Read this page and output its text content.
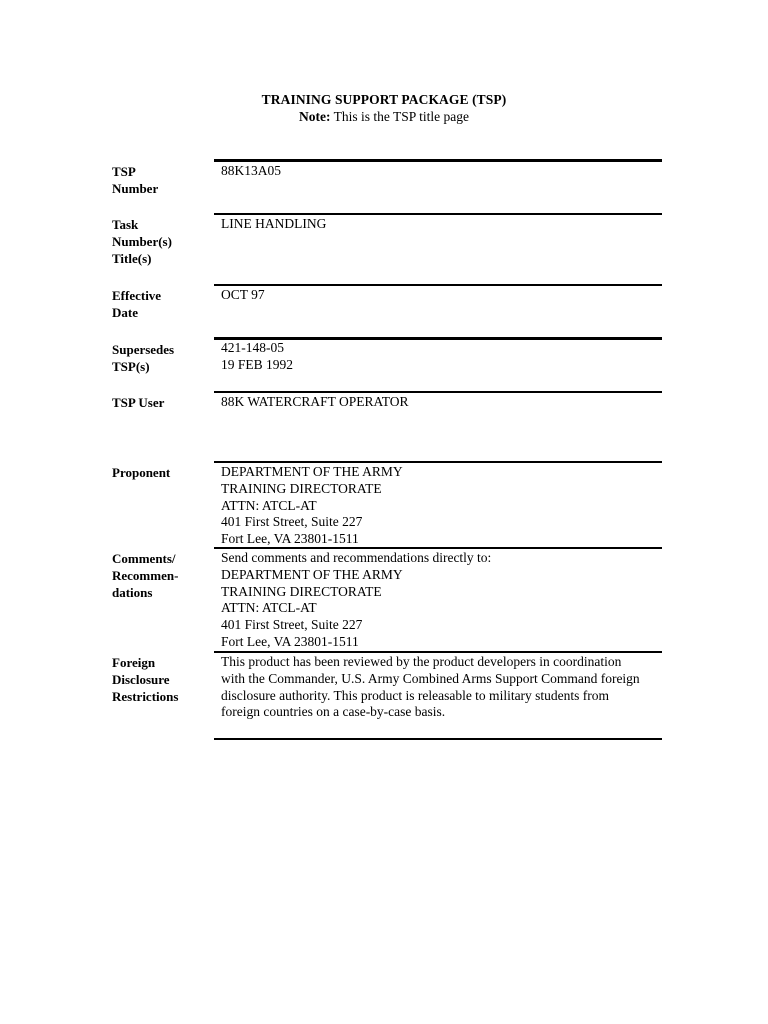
TRAINING SUPPORT PACKAGE (TSP)
Note: This is the TSP title page
TSP
Number
88K13A05
Task
Number(s)
Title(s)
LINE HANDLING
Effective
Date
OCT 97
Supersedes
TSP(s)
421-148-05
19 FEB 1992
TSP User	88K WATERCRAFT OPERATOR
Proponent	DEPARTMENT OF THE ARMY
TRAINING DIRECTORATE
ATTN: ATCL-AT
401 First Street, Suite 227
Fort Lee, VA 23801-1511
Comments/
Recommen-
dations
Send comments and recommendations directly to:
DEPARTMENT OF THE ARMY
TRAINING DIRECTORATE
ATTN: ATCL-AT
401 First Street, Suite 227
Fort Lee, VA 23801-1511
Foreign
Disclosure
Restrictions
This product has been reviewed by the product developers in coordination
with the Commander, U.S. Army Combined Arms Support Command foreign
disclosure authority. This product is releasable to military students from
foreign countries on a case-by-case basis.
